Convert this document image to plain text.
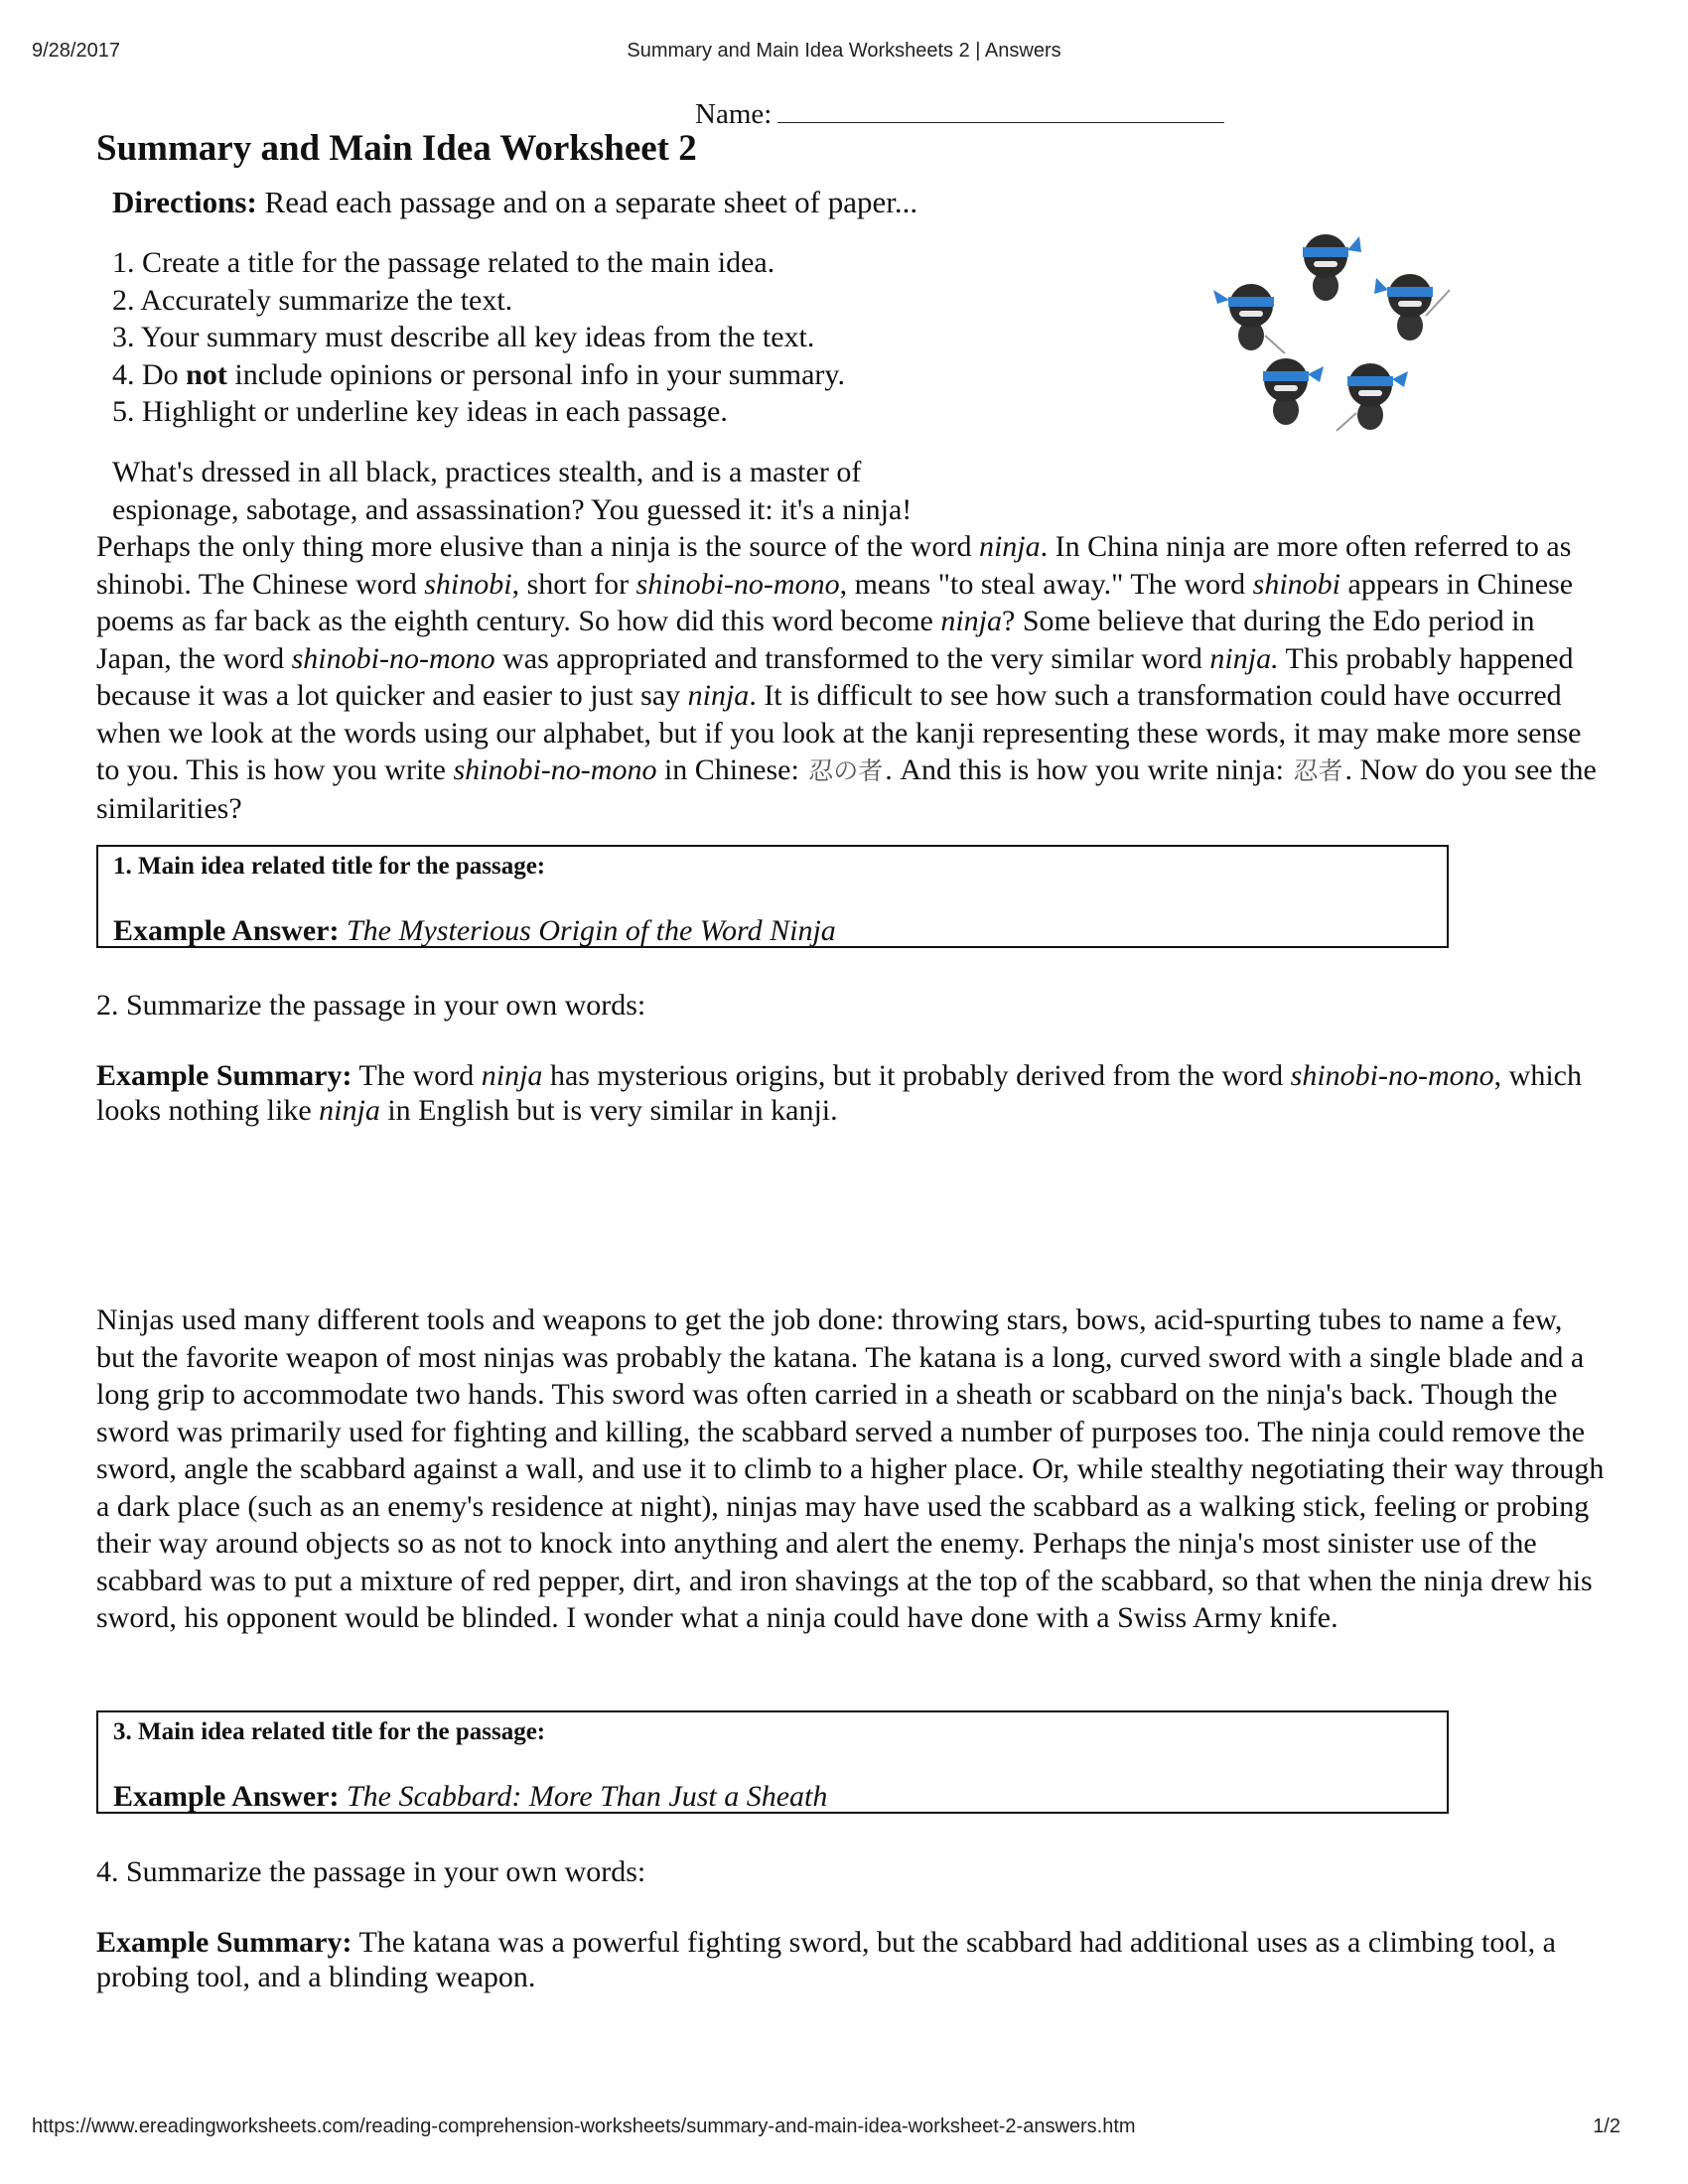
9/28/2017	Summary and Main Idea Worksheets 2 | Answers
Name:
Summary and Main Idea Worksheet 2
Directions: Read each passage and on a separate sheet of paper...
1. Create a title for the passage related to the main idea.
2. Accurately summarize the text.
3. Your summary must describe all key ideas from the text.
4. Do not include opinions or personal info in your summary.
5. Highlight or underline key ideas in each passage.

What's dressed in all black, practices stealth, and is a master of espionage, sabotage, and assassination? You guessed it: it's a ninja!

Perhaps the only thing more elusive than a ninja is the source of the word ninja. In China ninja are more often referred to as shinobi. The Chinese word shinobi, short for shinobi-no-mono, means "to steal away." The word shinobi appears in Chinese poems as far back as the eighth century. So how did this word become ninja? Some believe that during the Edo period in Japan, the word shinobi-no-mono was appropriated and transformed to the very similar word ninja. This probably happened because it was a lot quicker and easier to just say ninja. It is difficult to see how such a transformation could have occurred when we look at the words using our alphabet, but if you look at the kanji representing these words, it may make more sense to you. This is how you write shinobi-no-mono in Chinese: 忍の者. And this is how you write ninja: 忍者. Now do you see the similarities?

1. Main idea related title for the passage:
Example Answer: The Mysterious Origin of the Word Ninja
2. Summarize the passage in your own words:

Example Summary: The word ninja has mysterious origins, but it probably derived from the word shinobi-no-mono, which looks nothing like ninja in English but is very similar in kanji.

Ninjas used many different tools and weapons to get the job done: throwing stars, bows, acid-spurting tubes to name a few, but the favorite weapon of most ninjas was probably the katana. The katana is a long, curved sword with a single blade and a long grip to accommodate two hands. This sword was often carried in a sheath or scabbard on the ninja's back. Though the sword was primarily used for fighting and killing, the scabbard served a number of purposes too. The ninja could remove the sword, angle the scabbard against a wall, and use it to climb to a higher place. Or, while stealthy negotiating their way through a dark place (such as an enemy's residence at night), ninjas may have used the scabbard as a walking stick, feeling or probing their way around objects so as not to knock into anything and alert the enemy. Perhaps the ninja's most sinister use of the scabbard was to put a mixture of red pepper, dirt, and iron shavings at the top of the scabbard, so that when the ninja drew his sword, his opponent would be blinded. I wonder what a ninja could have done with a Swiss Army knife.

3. Main idea related title for the passage:
Example Answer: The Scabbard: More Than Just a Sheath
4. Summarize the passage in your own words:

Example Summary: The katana was a powerful fighting sword, but the scabbard had additional uses as a climbing tool, a probing tool, and a blinding weapon.

https://www.ereadingworksheets.com/reading-comprehension-worksheets/summary-and-main-idea-worksheet-2-answers.htm	1/2
